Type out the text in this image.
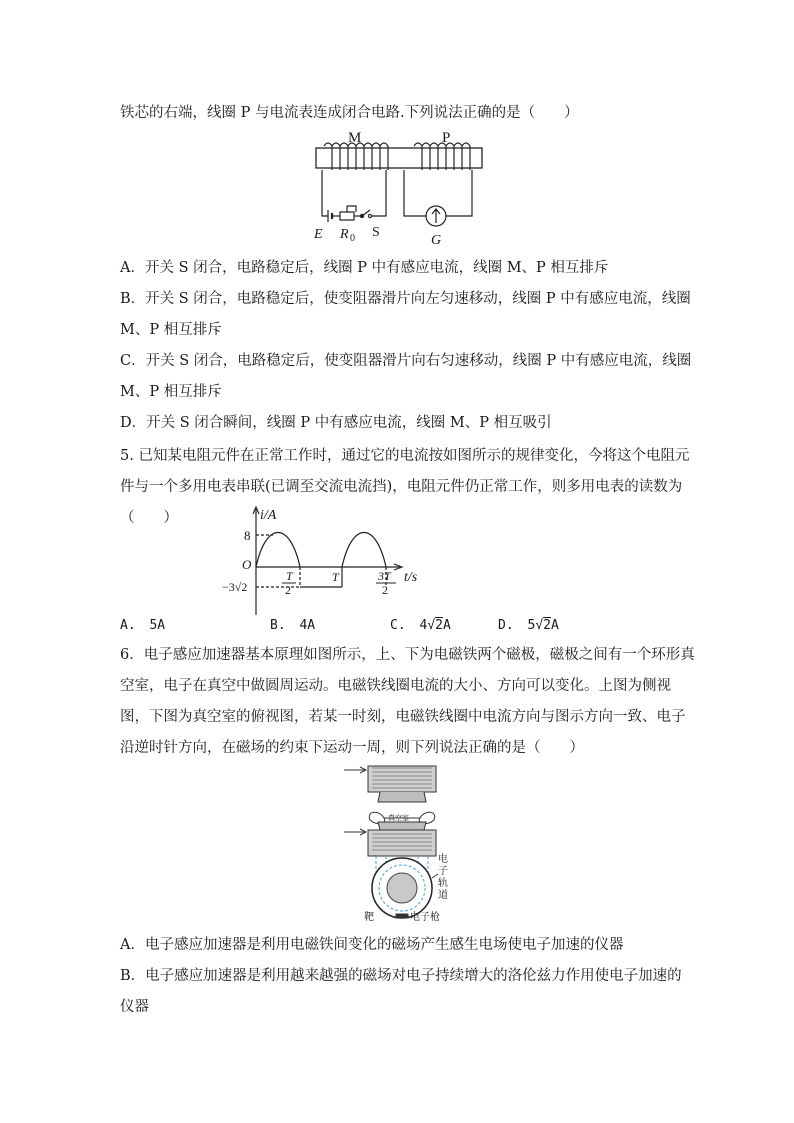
铁芯的右端，线圈 P 与电流表连成闭合电路.下列说法正确的是（　　）
M	P
E R 0 S
G
A．开关 S 闭合，电路稳定后，线圈 P 中有感应电流，线圈 M、P 相互排斥
B．开关 S 闭合，电路稳定后，使变阻器滑片向左匀速移动，线圈 P 中有感应电流，线圈
M、P 相互排斥
C．开关 S 闭合，电路稳定后，使变阻器滑片向右匀速移动，线圈 P 中有感应电流，线圈
M、P 相互排斥
D．开关 S 闭合瞬间，线圈 P 中有感应电流，线圈 M、P 相互吸引
5. 已知某电阻元件在正常工作时，通过它的电流按如图所示的规律变化，今将这个电阻元
件与一个多用电表串联(已调至交流电流挡)，电阻元件仍正常工作，则多用电表的读数为
（　　）	i/A
t/s
O
8
−3√2
T
2
T	3T
2
A. 5A	B. 4A	C. 4√2A	D. 5√2A
6．电子感应加速器基本原理如图所示，上、下为电磁铁两个磁极，磁极之间有一个环形真
空室，电子在真空中做圆周运动。电磁铁线圈电流的大小、方向可以变化。上图为侧视
图，下图为真空室的俯视图，若某一时刻，电磁铁线圈中电流方向与图示方向一致、电子
沿逆时针方向，在磁场的约束下运动一周，则下列说法正确的是（　　）
真空室
电
子
轨
道
靶	电子枪
A．电子感应加速器是利用电磁铁间变化的磁场产生感生电场使电子加速的仪器
B．电子感应加速器是利用越来越强的磁场对电子持续增大的洛伦兹力作用使电子加速的
仪器
